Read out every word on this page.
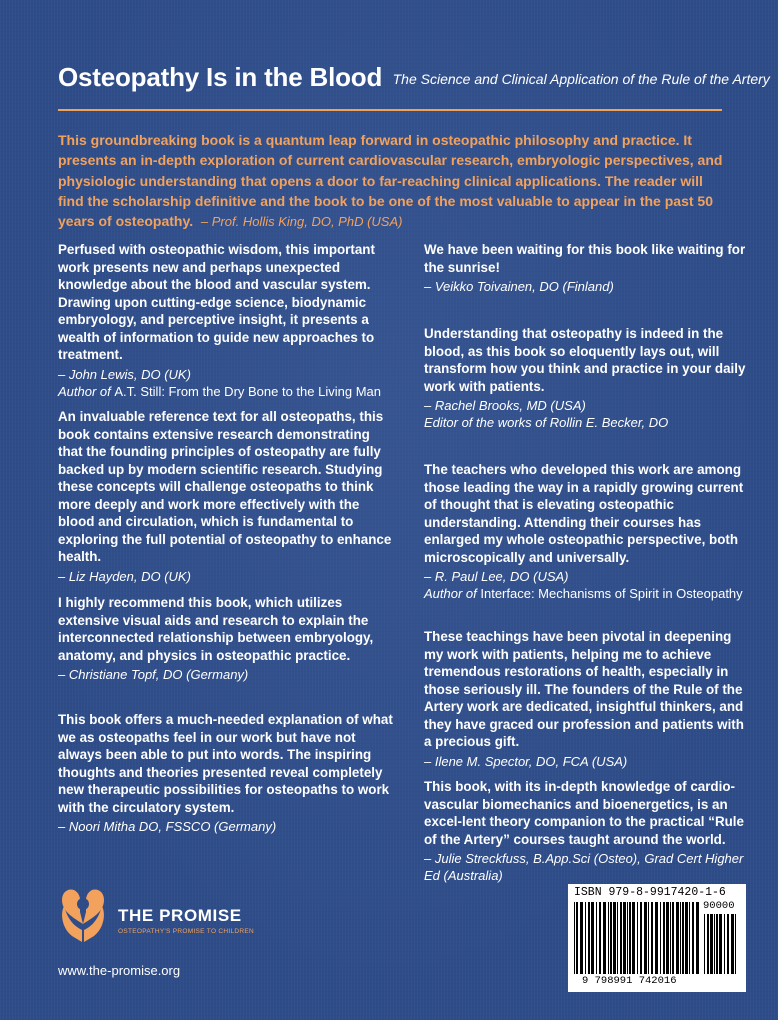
Osteopathy Is in the Blood The Science and Clinical Application of the Rule of the Artery
This groundbreaking book is a quantum leap forward in osteopathic philosophy and practice. It presents an in-depth exploration of current cardiovascular research, embryologic perspectives, and physiologic understanding that opens a door to far-reaching clinical applications. The reader will find the scholarship definitive and the book to be one of the most valuable to appear in the past 50 years of osteopathy. – Prof. Hollis King, DO, PhD (USA)
Perfused with osteopathic wisdom, this important work presents new and perhaps unexpected knowledge about the blood and vascular system. Drawing upon cutting-edge science, biodynamic embryology, and perceptive insight, it presents a wealth of information to guide new approaches to treatment.
– John Lewis, DO (UK)
Author of A.T. Still: From the Dry Bone to the Living Man
An invaluable reference text for all osteopaths, this book contains extensive research demonstrating that the founding principles of osteopathy are fully backed up by modern scientific research. Studying these concepts will challenge osteopaths to think more deeply and work more effectively with the blood and circulation, which is fundamental to exploring the full potential of osteopathy to enhance health.
– Liz Hayden, DO (UK)
I highly recommend this book, which utilizes extensive visual aids and research to explain the interconnected relationship between embryology, anatomy, and physics in osteopathic practice.
– Christiane Topf, DO (Germany)
This book offers a much-needed explanation of what we as osteopaths feel in our work but have not always been able to put into words. The inspiring thoughts and theories presented reveal completely new therapeutic possibilities for osteopaths to work with the circulatory system.
– Noori Mitha DO, FSSCO (Germany)
We have been waiting for this book like waiting for the sunrise!
– Veikko Toivainen, DO (Finland)
Understanding that osteopathy is indeed in the blood, as this book so eloquently lays out, will transform how you think and practice in your daily work with patients.
– Rachel Brooks, MD (USA)
Editor of the works of Rollin E. Becker, DO
The teachers who developed this work are among those leading the way in a rapidly growing current of thought that is elevating osteopathic understanding. Attending their courses has enlarged my whole osteopathic perspective, both microscopically and universally.
– R. Paul Lee, DO (USA)
Author of Interface: Mechanisms of Spirit in Osteopathy
These teachings have been pivotal in deepening my work with patients, helping me to achieve tremendous restorations of health, especially in those seriously ill. The founders of the Rule of the Artery work are dedicated, insightful thinkers, and they have graced our profession and patients with a precious gift.
– Ilene M. Spector, DO, FCA (USA)
This book, with its in-depth knowledge of cardio-vascular biomechanics and bioenergetics, is an excel-lent theory companion to the practical “Rule of the Artery” courses taught around the world.
– Julie Streckfuss, B.App.Sci (Osteo), Grad Cert Higher Ed (Australia)
THE PROMISE
OSTEOPATHY'S PROMISE TO CHILDREN
www.the-promise.org
ISBN 979-8-9917420-1-6
9 798991 742016
90000
